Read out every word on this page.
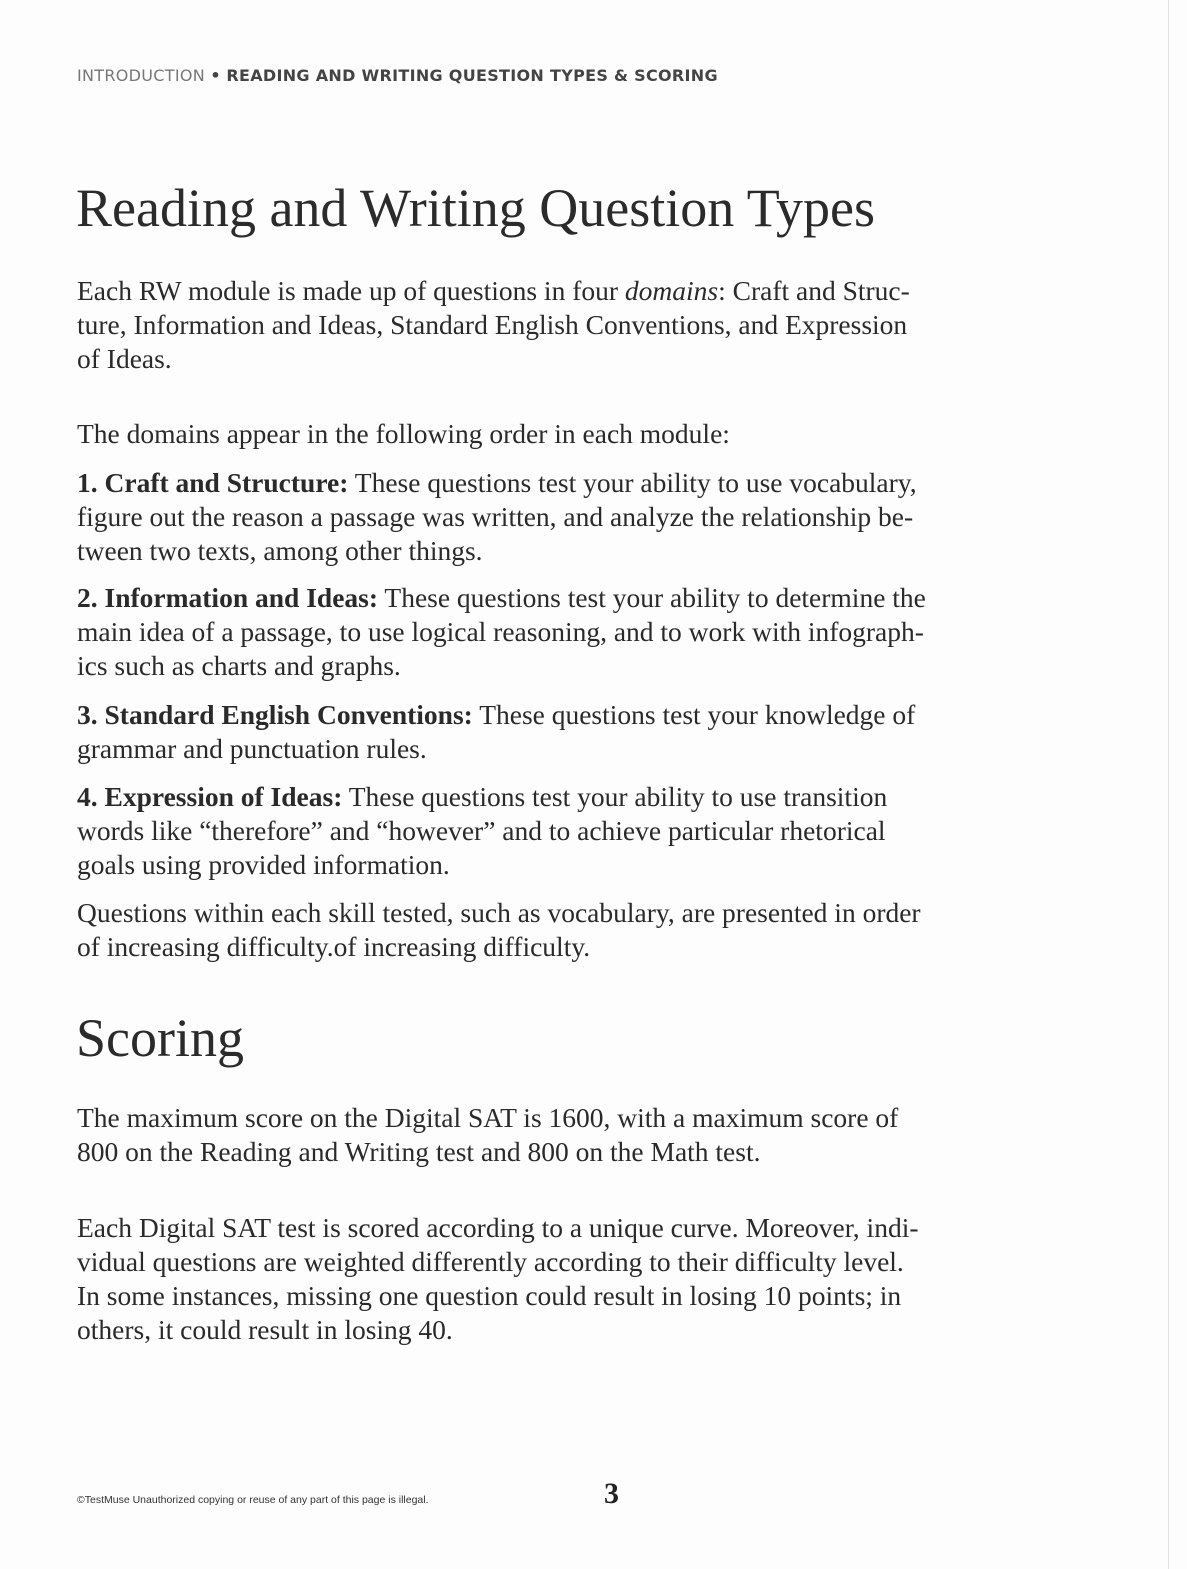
INTRODUCTION • READING AND WRITING QUESTION TYPES & SCORING
Reading and Writing Question Types
Each RW module is made up of questions in four domains: Craft and Struc-
ture, Information and Ideas, Standard English Conventions, and Expression
of Ideas.
The domains appear in the following order in each module:
1. Craft and Structure: These questions test your ability to use vocabulary,
figure out the reason a passage was written, and analyze the relationship be-
tween two texts, among other things.
2. Information and Ideas: These questions test your ability to determine the
main idea of a passage, to use logical reasoning, and to work with infograph-
ics such as charts and graphs.
3. Standard English Conventions: These questions test your knowledge of
grammar and punctuation rules.
4. Expression of Ideas: These questions test your ability to use transition
words like “therefore” and “however” and to achieve particular rhetorical
goals using provided information.
Questions within each skill tested, such as vocabulary, are presented in order
of increasing difficulty.of increasing difficulty.
Scoring
The maximum score on the Digital SAT is 1600, with a maximum score of
800 on the Reading and Writing test and 800 on the Math test.
Each Digital SAT test is scored according to a unique curve. Moreover, indi-
vidual questions are weighted differently according to their difficulty level.
In some instances, missing one question could result in losing 10 points; in
others, it could result in losing 40.
©TestMuse Unauthorized copying or reuse of any part of this page is illegal.	3
